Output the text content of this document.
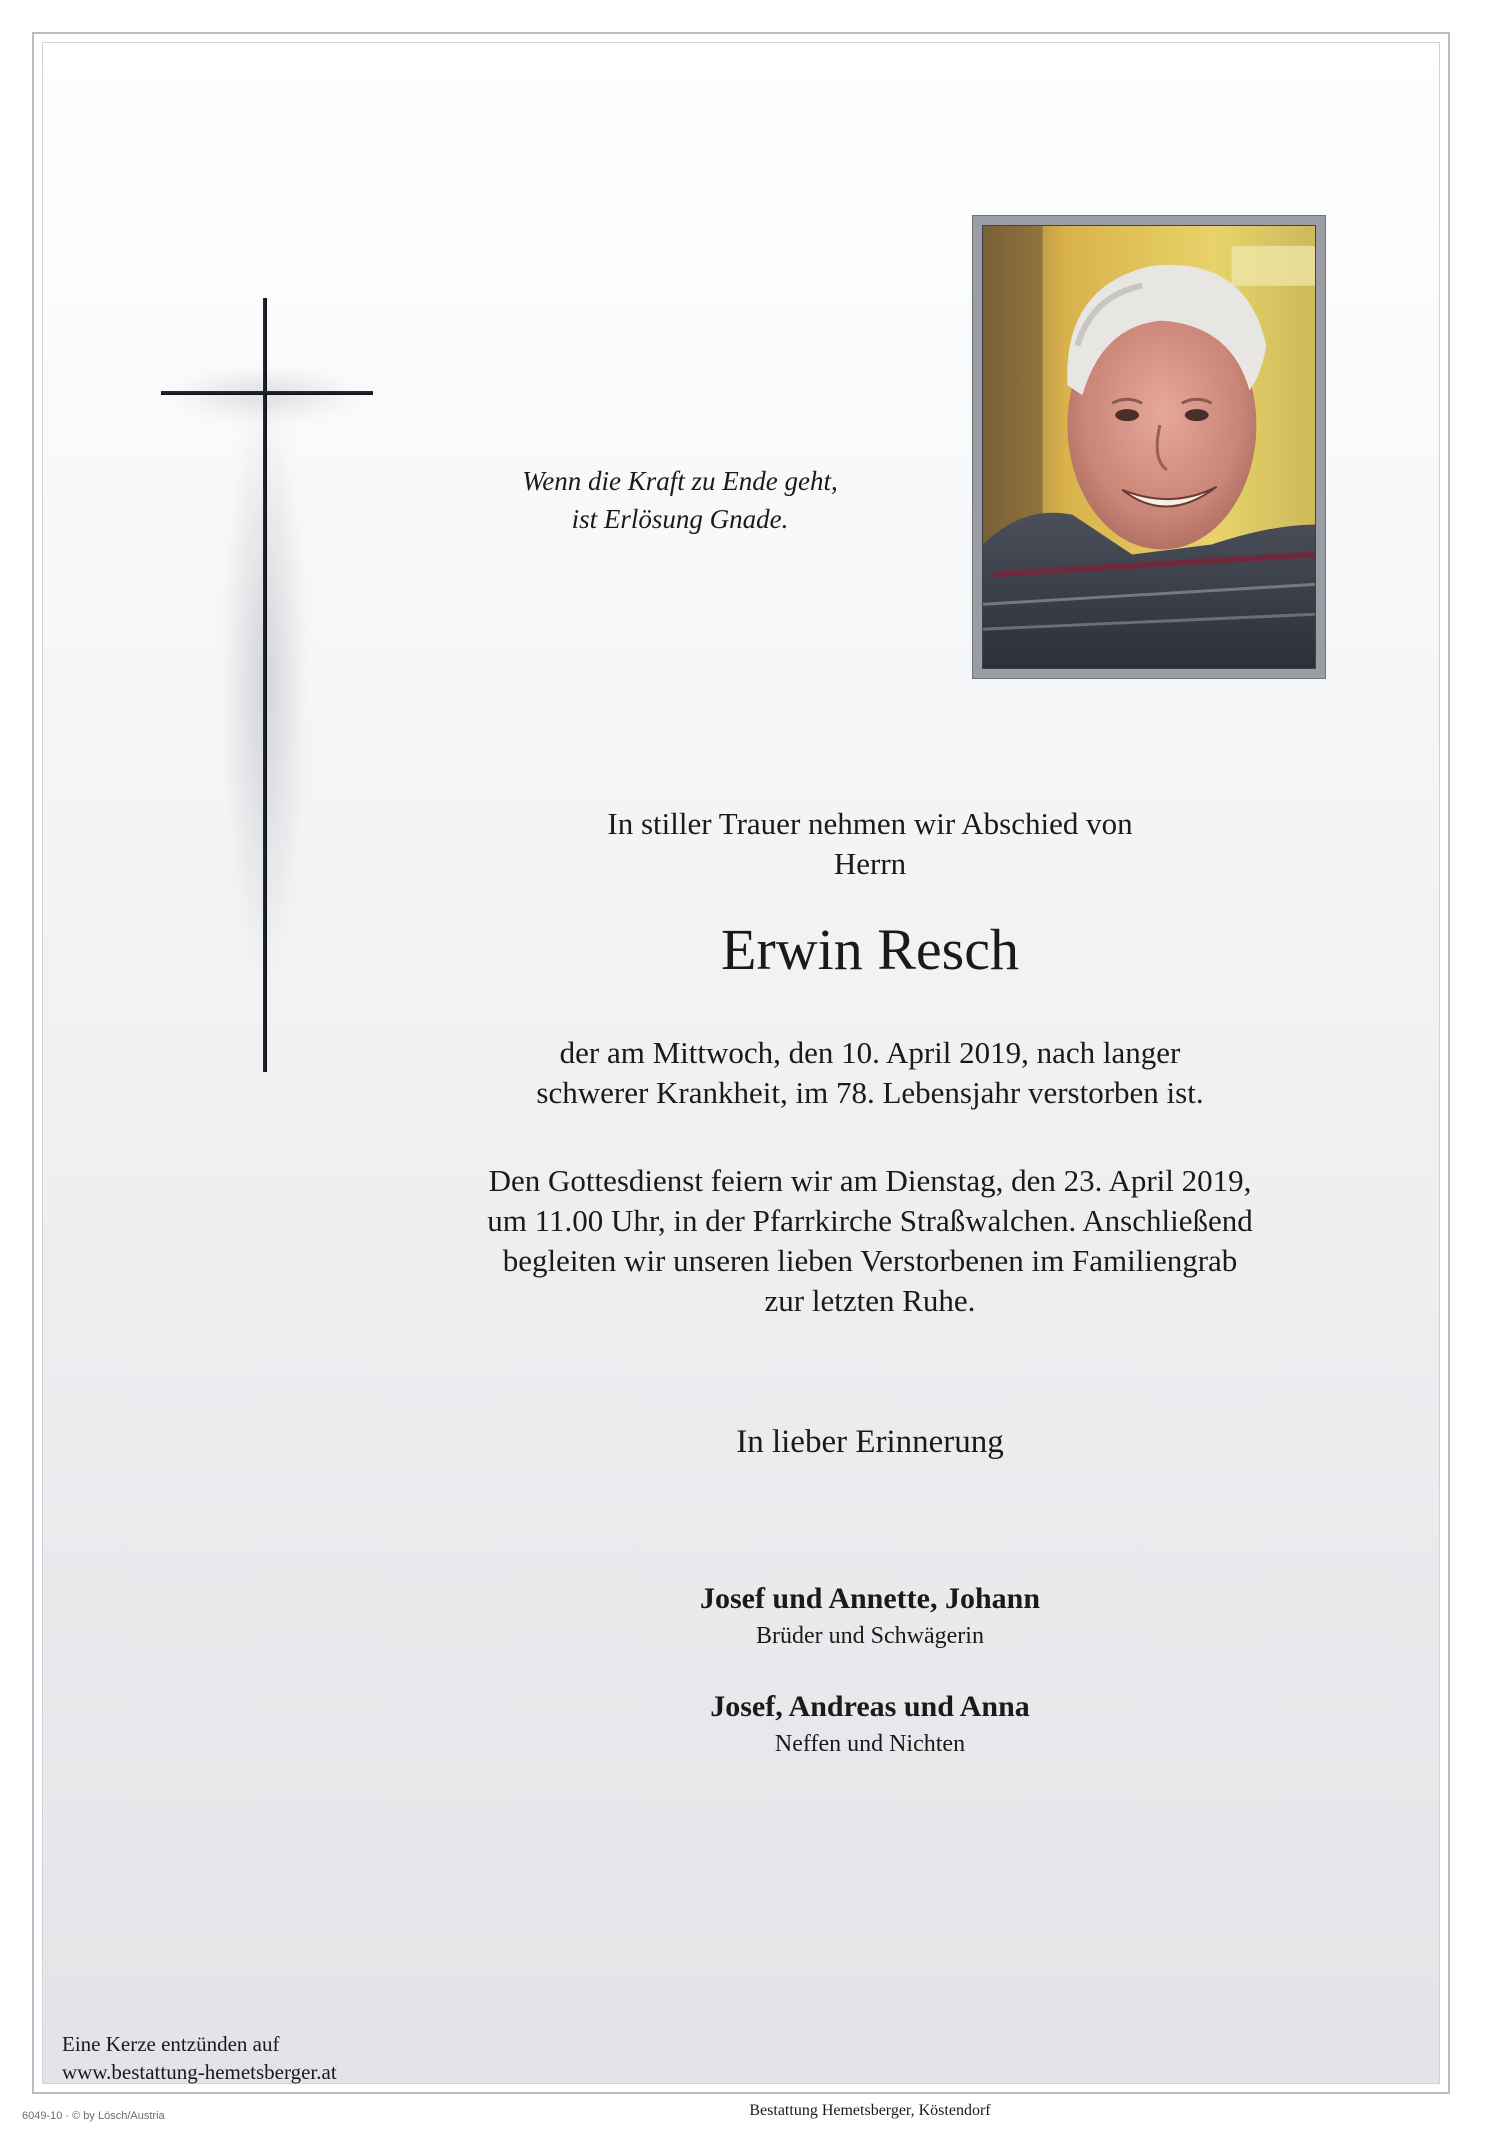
Wenn die Kraft zu Ende geht,
ist Erlösung Gnade.
In stiller Trauer nehmen wir Abschied von
Herrn
Erwin Resch
der am Mittwoch, den 10. April 2019, nach langer
schwerer Krankheit, im 78. Lebensjahr verstorben ist.
Den Gottesdienst feiern wir am Dienstag, den 23. April 2019,
um 11.00 Uhr, in der Pfarrkirche Straßwalchen. Anschließend
begleiten wir unseren lieben Verstorbenen im Familiengrab
zur letzten Ruhe.
In lieber Erinnerung
Josef und Annette, Johann
Brüder und Schwägerin
Josef, Andreas und Anna
Neffen und Nichten
Eine Kerze entzünden auf
www.bestattung-hemetsberger.at
Bestattung Hemetsberger, Köstendorf
6049-10 · © by Lösch/Austria
